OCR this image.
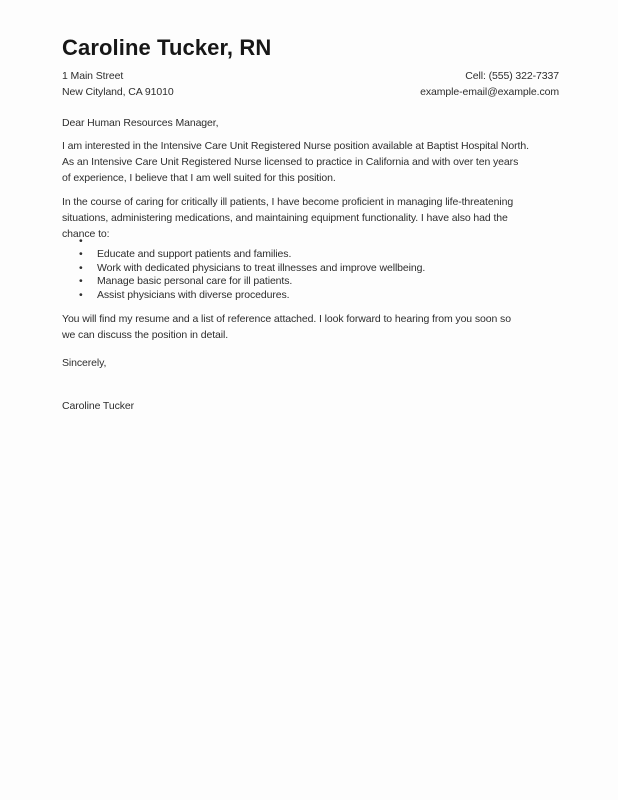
Caroline Tucker, RN
1 Main Street
New Cityland, CA 91010
Cell: (555) 322-7337
example-email@example.com
Dear Human Resources Manager,
I am interested in the Intensive Care Unit Registered Nurse position available at Baptist Hospital North.
As an Intensive Care Unit Registered Nurse licensed to practice in California and with over ten years
of experience, I believe that I am well suited for this position.
In the course of caring for critically ill patients, I have become proficient in managing life-threatening
situations, administering medications, and maintaining equipment functionality. I have also had the
chance to:
•
• Educate and support patients and families.
• Work with dedicated physicians to treat illnesses and improve wellbeing.
• Manage basic personal care for ill patients.
• Assist physicians with diverse procedures.
You will find my resume and a list of reference attached. I look forward to hearing from you soon so
we can discuss the position in detail.
Sincerely,
Caroline Tucker
